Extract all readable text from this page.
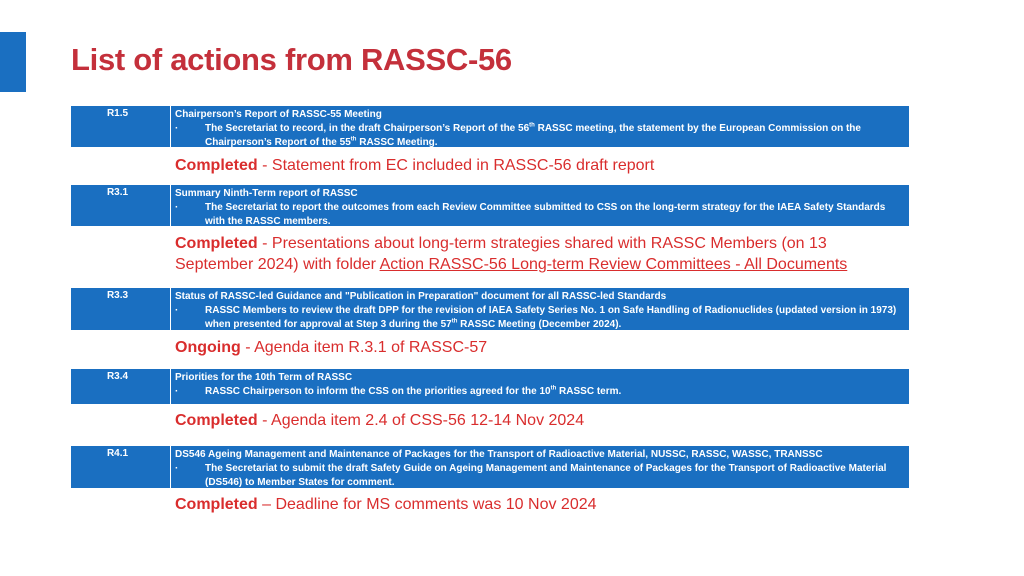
List of actions from RASSC-56
R1.5	Chairperson’s Report of RASSC-55 Meeting
·	The Secretariat to record, in the draft Chairperson’s Report of the 56th RASSC meeting, the statement by the European Commission on the Chairperson’s Report of the 55th RASSC Meeting.
Completed - Statement from EC included in RASSC-56 draft report
R3.1	Summary Ninth-Term report of RASSC
·	The Secretariat to report the outcomes from each Review Committee submitted to CSS on the long-term strategy for the IAEA Safety Standards with the RASSC members.
Completed - Presentations about long-term strategies shared with RASSC Members (on 13 September 2024) with folder Action RASSC-56 Long-term Review Committees - All Documents
R3.3	Status of RASSC-led Guidance and "Publication in Preparation" document for all RASSC-led Standards
·	RASSC Members to review the draft DPP for the revision of IAEA Safety Series No. 1 on Safe Handling of Radionuclides (updated version in 1973) when presented for approval at Step 3 during the 57th RASSC Meeting (December 2024).
Ongoing - Agenda item R.3.1 of RASSC-57
R3.4	Priorities for the 10th Term of RASSC
·	RASSC Chairperson to inform the CSS on the priorities agreed for the 10th RASSC term.
Completed - Agenda item 2.4 of CSS-56 12-14 Nov 2024
R4.1	DS546 Ageing Management and Maintenance of Packages for the Transport of Radioactive Material, NUSSC, RASSC, WASSC, TRANSSC
·	The Secretariat to submit the draft Safety Guide on Ageing Management and Maintenance of Packages for the Transport of Radioactive Material (DS546) to Member States for comment.
Completed – Deadline for MS comments was 10 Nov 2024
